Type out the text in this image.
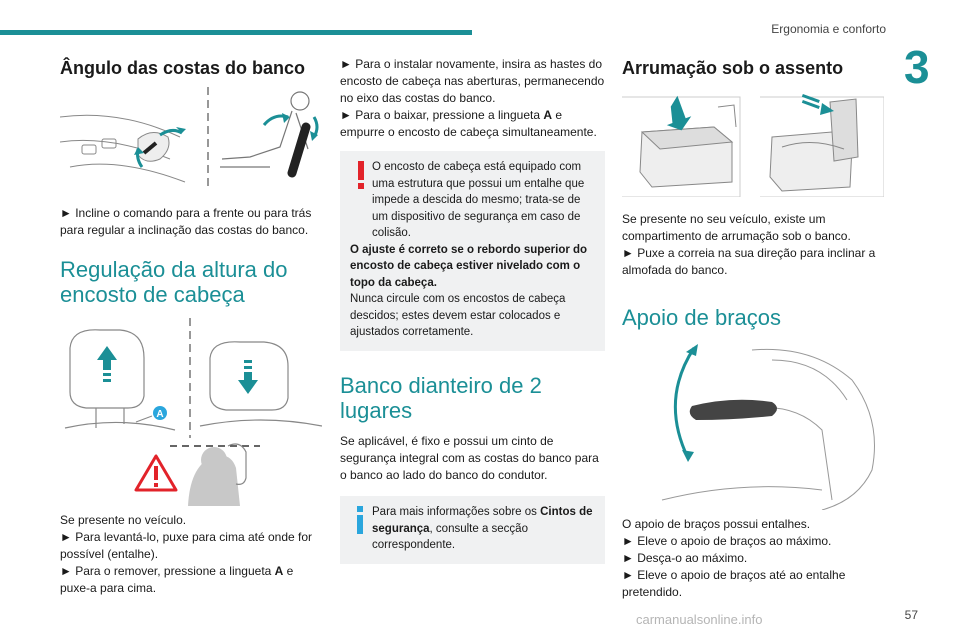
Ergonomia e conforto
3
Ângulo das costas do banco

► Incline o comando para a frente ou para trás para regular a inclinação das costas do banco.

Regulação da altura do
encosto de cabeça
A

Se presente no veículo.

► Para levantá-lo, puxe para cima até onde for possível (entalhe).

► Para o remover, pressione a lingueta A e puxe-a para cima.

► Para o instalar novamente, insira as hastes do encosto de cabeça nas aberturas, permanecendo no eixo das costas do banco.

► Para o baixar, pressione a lingueta A e empurre o encosto de cabeça simultaneamente.

O encosto de cabeça está equipado com uma estrutura que possui um entalhe que impede a descida do mesmo; trata-se de um dispositivo de segurança em caso de colisão.

O ajuste é correto se o rebordo superior do encosto de cabeça estiver nivelado com o topo da cabeça.

Nunca circule com os encostos de cabeça descidos; estes devem estar colocados e ajustados corretamente.

Banco dianteiro de 2
lugares

Se aplicável, é fixo e possui um cinto de segurança integral com as costas do banco para o banco ao lado do banco do condutor.

Para mais informações sobre os Cintos de segurança, consulte a secção correspondente.

Arrumação sob o assento

Se presente no seu veículo, existe um compartimento de arrumação sob o banco.

► Puxe a correia na sua direção para inclinar a almofada do banco.

Apoio de braços

O apoio de braços possui entalhes.

► Eleve o apoio de braços ao máximo.

► Desça-o ao máximo.

► Eleve o apoio de braços até ao entalhe pretendido.

carmanualsonline.info	57
